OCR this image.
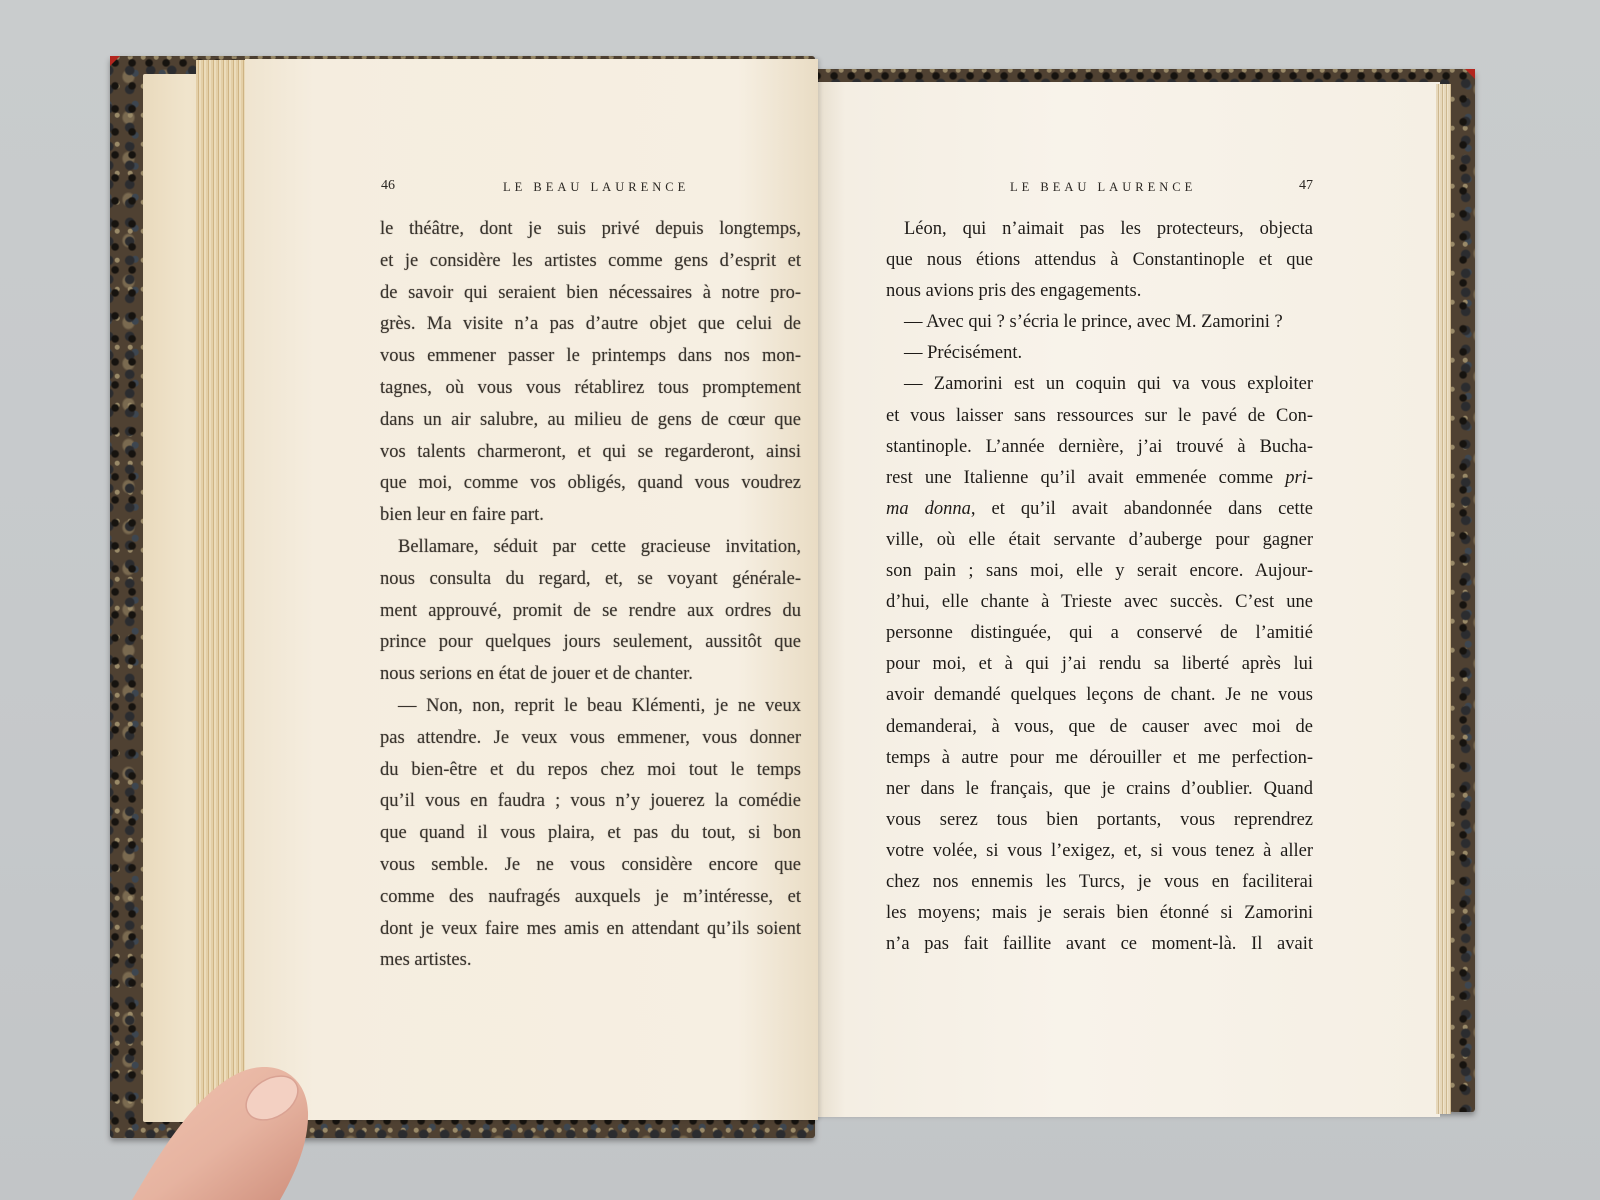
46	LE BEAU LAURENCE	LE BEAU LAURENCE	47
le théâtre, dont je suis privé depuis longtemps,
et je considère les artistes comme gens d’esprit et
de savoir qui seraient bien nécessaires à notre pro-
grès. Ma visite n’a pas d’autre objet que celui de
vous emmener passer le printemps dans nos mon-
tagnes, où vous vous rétablirez tous promptement
dans un air salubre, au milieu de gens de cœur que
vos talents charmeront, et qui se regarderont, ainsi
que moi, comme vos obligés, quand vous voudrez
bien leur en faire part.
Bellamare, séduit par cette gracieuse invitation,
nous consulta du regard, et, se voyant générale-
ment approuvé, promit de se rendre aux ordres du
prince pour quelques jours seulement, aussitôt que
nous serions en état de jouer et de chanter.
— Non, non, reprit le beau Klémenti, je ne veux
pas attendre. Je veux vous emmener, vous donner
du bien-être et du repos chez moi tout le temps
qu’il vous en faudra ; vous n’y jouerez la comédie
que quand il vous plaira, et pas du tout, si bon
vous semble. Je ne vous considère encore que
comme des naufragés auxquels je m’intéresse, et
dont je veux faire mes amis en attendant qu’ils soient
mes artistes.
Léon, qui n’aimait pas les protecteurs, objecta
que nous étions attendus à Constantinople et que
nous avions pris des engagements.
— Avec qui ? s’écria le prince, avec M. Zamorini ?
— Précisément.
— Zamorini est un coquin qui va vous exploiter
et vous laisser sans ressources sur le pavé de Con-
stantinople. L’année dernière, j’ai trouvé à Bucha-
rest une Italienne qu’il avait emmenée comme pri-
ma donna, et qu’il avait abandonnée dans cette
ville, où elle était servante d’auberge pour gagner
son pain ; sans moi, elle y serait encore. Aujour-
d’hui, elle chante à Trieste avec succès. C’est une
personne distinguée, qui a conservé de l’amitié
pour moi, et à qui j’ai rendu sa liberté après lui
avoir demandé quelques leçons de chant. Je ne vous
demanderai, à vous, que de causer avec moi de
temps à autre pour me dérouiller et me perfection-
ner dans le français, que je crains d’oublier. Quand
vous serez tous bien portants, vous reprendrez
votre volée, si vous l’exigez, et, si vous tenez à aller
chez nos ennemis les Turcs, je vous en faciliterai
les moyens; mais je serais bien étonné si Zamorini
n’a pas fait faillite avant ce moment-là. Il avait
